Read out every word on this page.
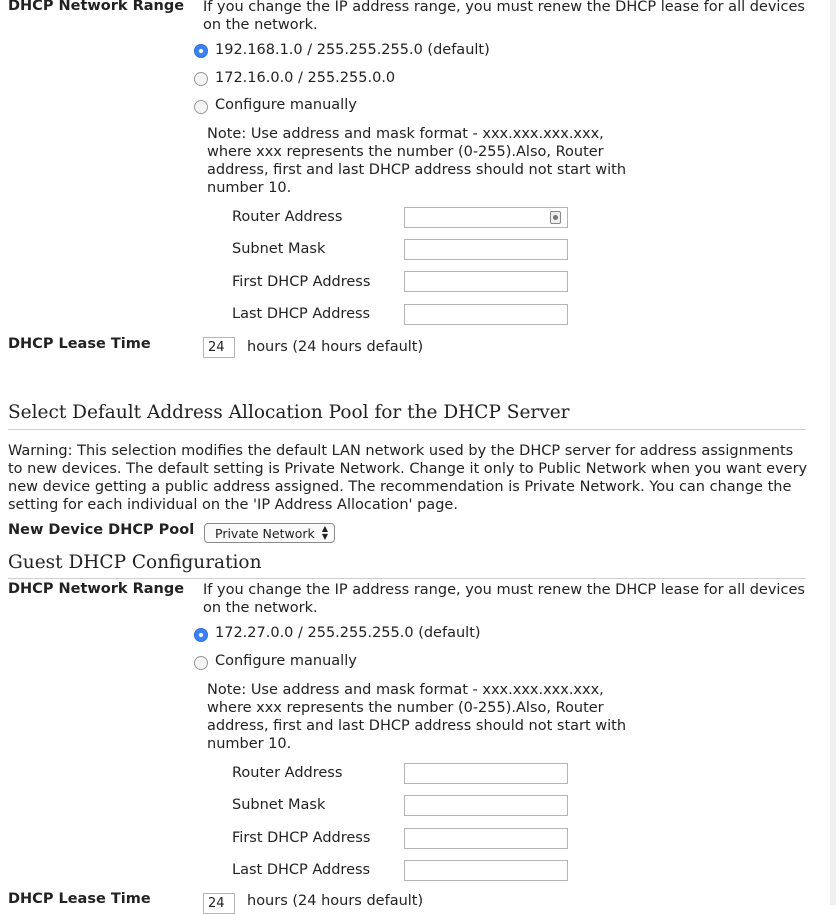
DHCP Network Range If you change the IP address range, you must renew the DHCP lease for all devices on the network.
192.168.1.0 / 255.255.255.0 (default)
172.16.0.0 / 255.255.0.0
Configure manually
Note: Use address and mask format - xxx.xxx.xxx.xxx, where xxx represents the number (0-255).Also, Router address, first and last DHCP address should not start with number 10.
Router Address
Subnet Mask
First DHCP Address
Last DHCP Address
DHCP Lease Time	24	hours (24 hours default)
Select Default Address Allocation Pool for the DHCP Server
Warning: This selection modifies the default LAN network used by the DHCP server for address assignments to new devices. The default setting is Private Network. Change it only to Public Network when you want every new device getting a public address assigned. The recommendation is Private Network. You can change the setting for each individual on the 'IP Address Allocation' page.
New Device DHCP Pool	Private Network ▲
▼
Guest DHCP Configuration
DHCP Network Range If you change the IP address range, you must renew the DHCP lease for all devices on the network.
172.27.0.0 / 255.255.255.0 (default)
Configure manually
Note: Use address and mask format - xxx.xxx.xxx.xxx, where xxx represents the number (0-255).Also, Router address, first and last DHCP address should not start with number 10.
Router Address
Subnet Mask
First DHCP Address
Last DHCP Address
DHCP Lease Time	24	hours (24 hours default)
